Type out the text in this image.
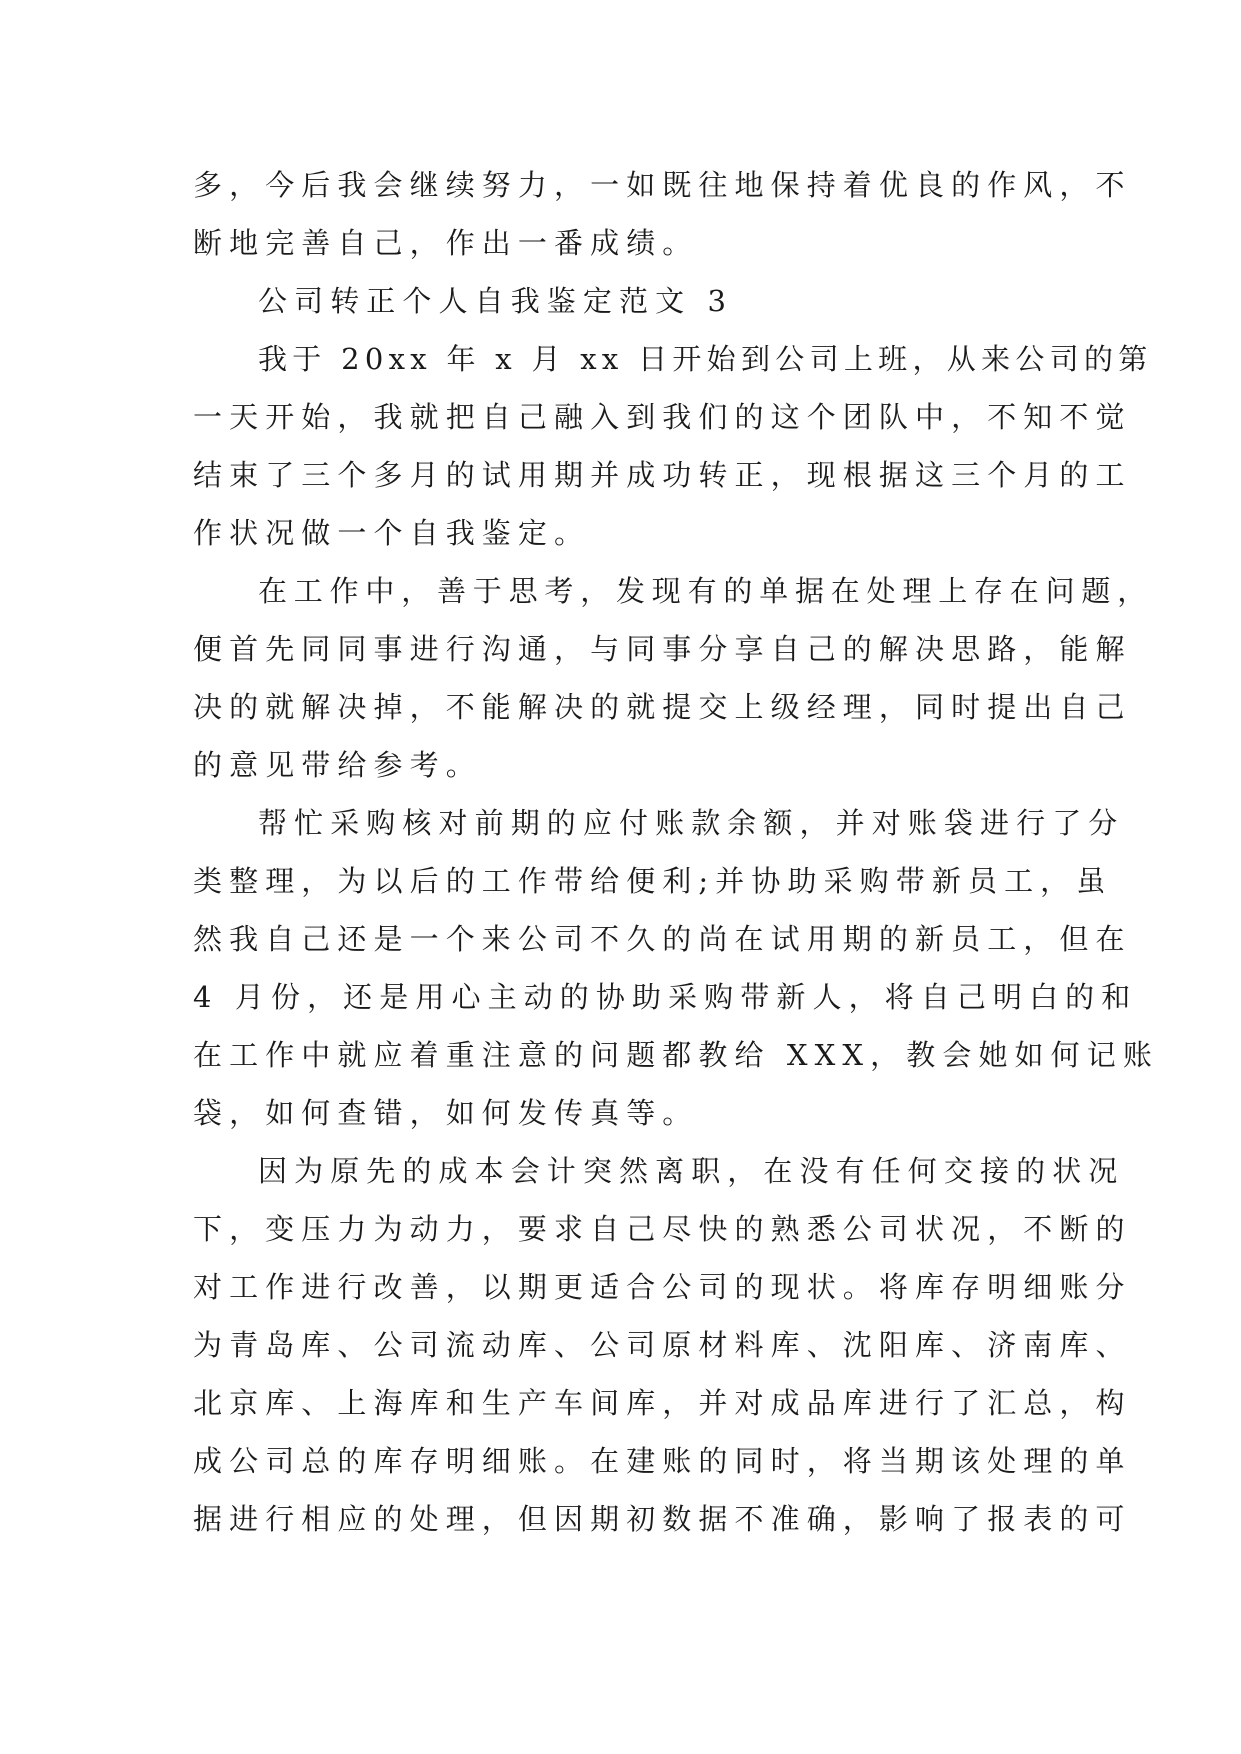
多，今后我会继续努力，一如既往地保持着优良的作风，不
断地完善自己，作出一番成绩。
公司转正个人自我鉴定范文 3
我于 20xx 年 x 月 xx 日开始到公司上班，从来公司的第
一天开始，我就把自己融入到我们的这个团队中，不知不觉
结束了三个多月的试用期并成功转正，现根据这三个月的工
作状况做一个自我鉴定。
在工作中，善于思考，发现有的单据在处理上存在问题，
便首先同同事进行沟通，与同事分享自己的解决思路，能解
决的就解决掉，不能解决的就提交上级经理，同时提出自己
的意见带给参考。
帮忙采购核对前期的应付账款余额，并对账袋进行了分
类整理，为以后的工作带给便利;并协助采购带新员工，虽
然我自己还是一个来公司不久的尚在试用期的新员工，但在
4 月份，还是用心主动的协助采购带新人，将自己明白的和
在工作中就应着重注意的问题都教给 XXX，教会她如何记账
袋，如何查错，如何发传真等。
因为原先的成本会计突然离职，在没有任何交接的状况
下，变压力为动力，要求自己尽快的熟悉公司状况，不断的
对工作进行改善，以期更适合公司的现状。将库存明细账分
为青岛库、公司流动库、公司原材料库、沈阳库、济南库、
北京库、上海库和生产车间库，并对成品库进行了汇总，构
成公司总的库存明细账。在建账的同时，将当期该处理的单
据进行相应的处理，但因期初数据不准确，影响了报表的可
